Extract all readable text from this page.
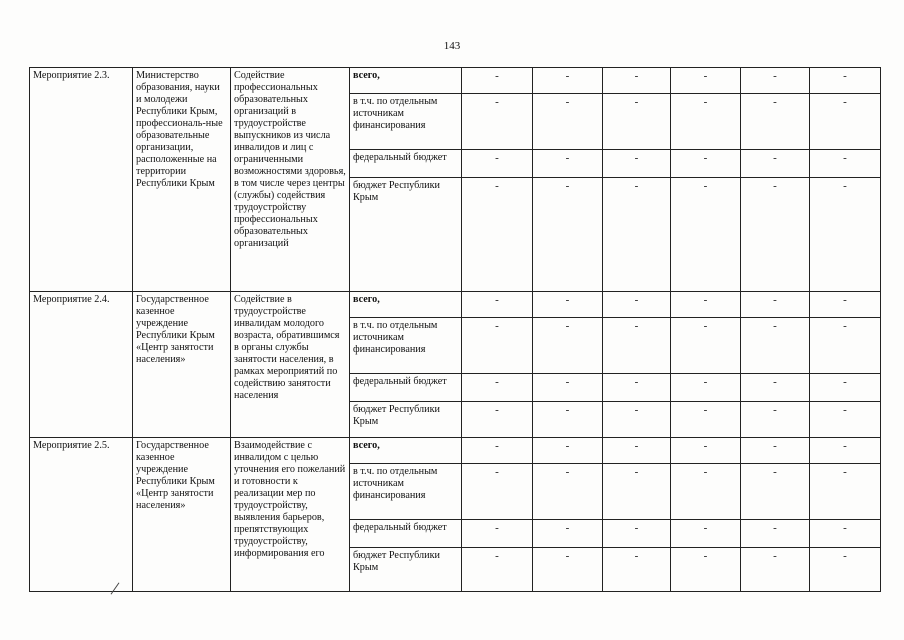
143
Мероприятие 2.3.	Министерство образования, науки и молодежи Республики Крым, профессиональ-ные образовательные организации, расположенные на территории Республики Крым	Содействие профессиональных образовательных организаций в трудоустройстве выпускников из числа инвалидов и лиц с ограниченными возможностями здоровья, в том числе через центры (службы) содействия трудоустройству профессиональных образовательных организаций	всего,	-	-	-	-	-	-
			в т.ч. по отдельным источникам финансирования	-	-	-	-	-	-
			федеральный бюджет	-	-	-	-	-	-
			бюджет Республики Крым	-	-	-	-	-	-
Мероприятие 2.4.	Государственное казенное учреждение Республики Крым «Центр занятости населения»	Содействие в трудоустройстве инвалидам молодого возраста, обратившимся в органы службы занятости населения, в рамках мероприятий по содействию занятости населения	всего,	-	-	-	-	-	-
			в т.ч. по отдельным источникам финансирования	-	-	-	-	-	-
			федеральный бюджет	-	-	-	-	-	-
			бюджет Республики Крым	-	-	-	-	-	-
Мероприятие 2.5.	Государственное казенное учреждение Республики Крым «Центр занятости населения»	Взаимодействие с инвалидом с целью уточнения его пожеланий и готовности к реализации мер по трудоустройству, выявления барьеров, препятствующих трудоустройству, информирования его	всего,	-	-	-	-	-	-
			в т.ч. по отдельным источникам финансирования	-	-	-	-	-	-
			федеральный бюджет	-	-	-	-	-	-
			бюджет Республики Крым	-	-	-	-	-	-
